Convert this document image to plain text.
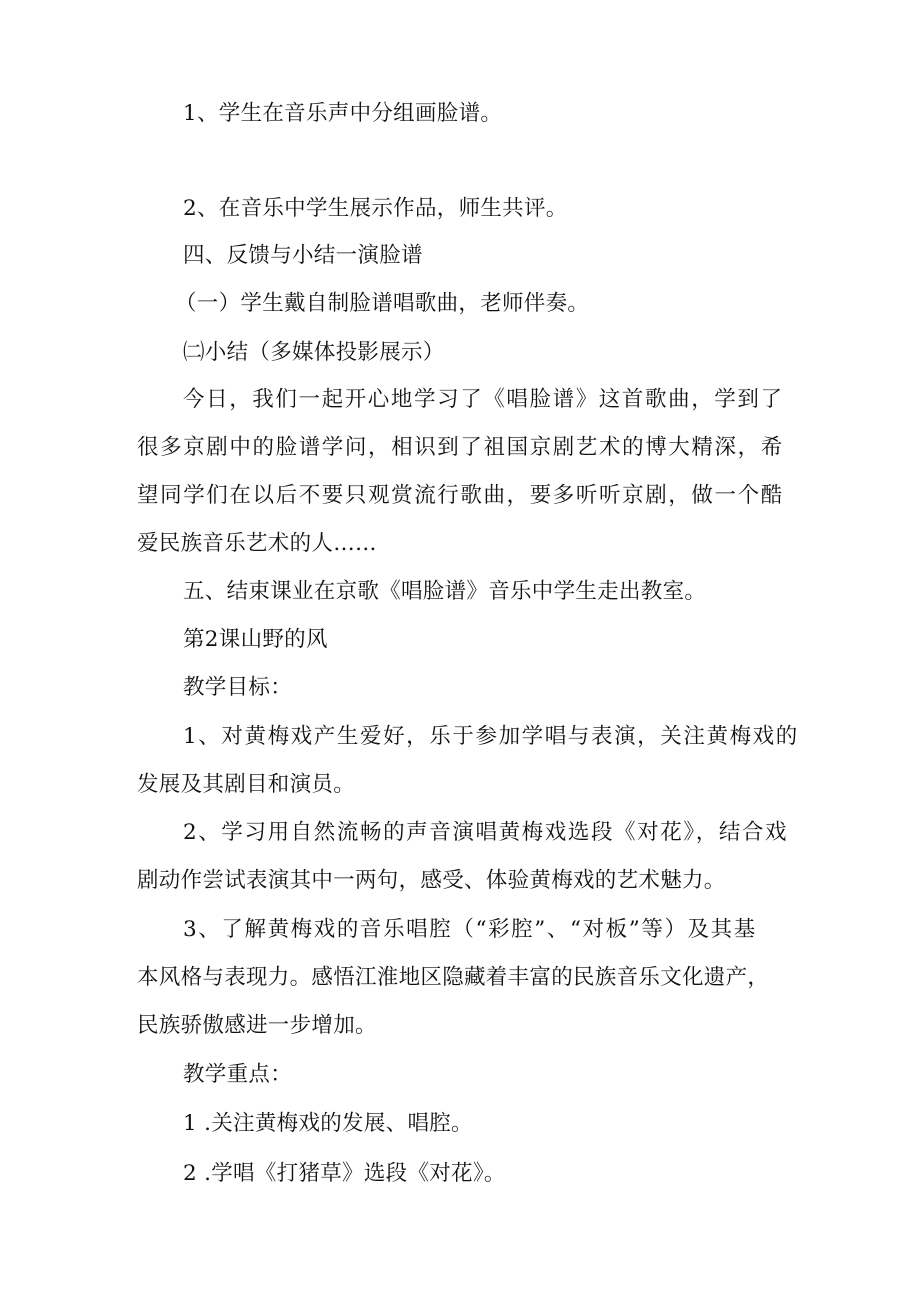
1、学生在音乐声中分组画脸谱。

2、在音乐中学生展示作品，师生共评。

四、反馈与小结一演脸谱

（一）学生戴自制脸谱唱歌曲，老师伴奏。

㈡小结（多媒体投影展示）

今日，我们一起开心地学习了《唱脸谱》这首歌曲，学到了

很多京剧中的脸谱学问，相识到了祖国京剧艺术的博大精深，希

望同学们在以后不要只观赏流行歌曲，要多听听京剧，做一个酷

爱民族音乐艺术的人……

五、结束课业在京歌《唱脸谱》音乐中学生走出教室。

第2课山野的风

教学目标：

1、对黄梅戏产生爱好，乐于参加学唱与表演，关注黄梅戏的

发展及其剧目和演员。

2、学习用自然流畅的声音演唱黄梅戏选段《对花》，结合戏

剧动作尝试表演其中一两句，感受、体验黄梅戏的艺术魅力。

3、了解黄梅戏的音乐唱腔（“彩腔”、“对板”等）及其基

本风格与表现力。感悟江淮地区隐藏着丰富的民族音乐文化遗产，

民族骄傲感进一步增加。

教学重点：

1 .关注黄梅戏的发展、唱腔。

2 .学唱《打猪草》选段《对花》。
